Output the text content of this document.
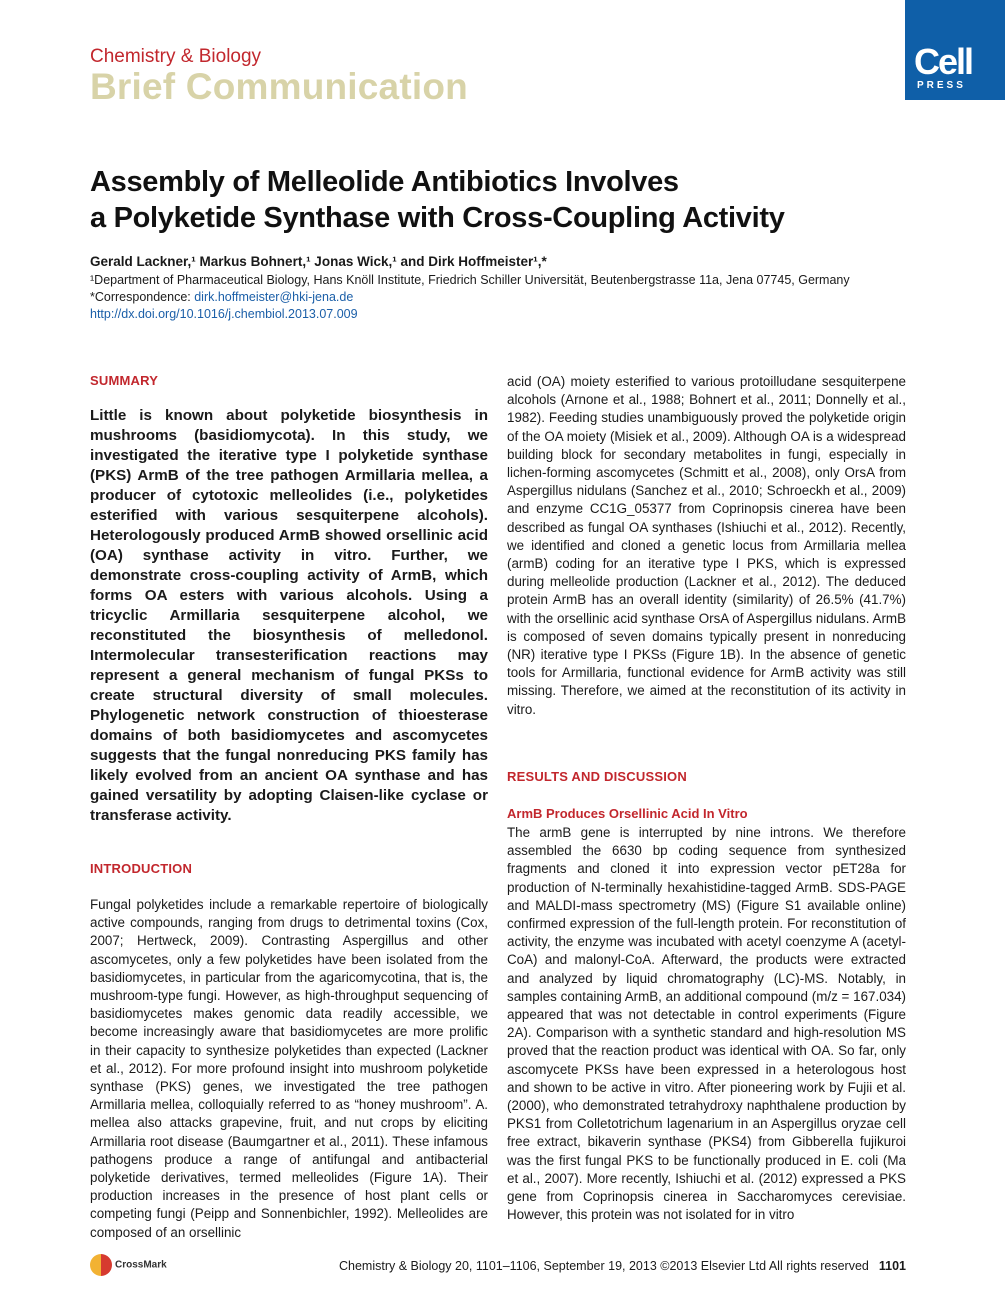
Chemistry & Biology
Brief Communication
Cell
PRESS
Assembly of Melleolide Antibiotics Involves
a Polyketide Synthase with Cross-Coupling Activity
Gerald Lackner,¹ Markus Bohnert,¹ Jonas Wick,¹ and Dirk Hoffmeister¹,*
¹Department of Pharmaceutical Biology, Hans Knöll Institute, Friedrich Schiller Universität, Beutenbergstrasse 11a, Jena 07745, Germany
*Correspondence: dirk.hoffmeister@hki-jena.de
http://dx.doi.org/10.1016/j.chembiol.2013.07.009
SUMMARY
Little is known about polyketide biosynthesis in mushrooms (basidiomycota). In this study, we investigated the iterative type I polyketide synthase (PKS) ArmB of the tree pathogen Armillaria mellea, a producer of cytotoxic melleolides (i.e., polyketides esterified with various sesquiterpene alcohols). Heterologously produced ArmB showed orsellinic acid (OA) synthase activity in vitro. Further, we demonstrate cross-coupling activity of ArmB, which forms OA esters with various alcohols. Using a tricyclic Armillaria sesquiterpene alcohol, we reconstituted the biosynthesis of melledonol. Intermolecular transesterification reactions may represent a general mechanism of fungal PKSs to create structural diversity of small molecules. Phylogenetic network construction of thioesterase domains of both basidiomycetes and ascomycetes suggests that the fungal nonreducing PKS family has likely evolved from an ancient OA synthase and has gained versatility by adopting Claisen-like cyclase or transferase activity.
INTRODUCTION
Fungal polyketides include a remarkable repertoire of biologically active compounds, ranging from drugs to detrimental toxins (Cox, 2007; Hertweck, 2009). Contrasting Aspergillus and other ascomycetes, only a few polyketides have been isolated from the basidiomycetes, in particular from the agaricomycotina, that is, the mushroom-type fungi. However, as high-throughput sequencing of basidiomycetes makes genomic data readily accessible, we become increasingly aware that basidiomycetes are more prolific in their capacity to synthesize polyketides than expected (Lackner et al., 2012). For more profound insight into mushroom polyketide synthase (PKS) genes, we investigated the tree pathogen Armillaria mellea, colloquially referred to as “honey mushroom”. A. mellea also attacks grapevine, fruit, and nut crops by eliciting Armillaria root disease (Baumgartner et al., 2011). These infamous pathogens produce a range of antifungal and antibacterial polyketide derivatives, termed melleolides (Figure 1A). Their production increases in the presence of host plant cells or competing fungi (Peipp and Sonnenbichler, 1992). Melleolides are composed of an orsellinic
acid (OA) moiety esterified to various protoilludane sesquiterpene alcohols (Arnone et al., 1988; Bohnert et al., 2011; Donnelly et al., 1982). Feeding studies unambiguously proved the polyketide origin of the OA moiety (Misiek et al., 2009). Although OA is a widespread building block for secondary metabolites in fungi, especially in lichen-forming ascomycetes (Schmitt et al., 2008), only OrsA from Aspergillus nidulans (Sanchez et al., 2010; Schroeckh et al., 2009) and enzyme CC1G_05377 from Coprinopsis cinerea have been described as fungal OA synthases (Ishiuchi et al., 2012). Recently, we identified and cloned a genetic locus from Armillaria mellea (armB) coding for an iterative type I PKS, which is expressed during melleolide production (Lackner et al., 2012). The deduced protein ArmB has an overall identity (similarity) of 26.5% (41.7%) with the orsellinic acid synthase OrsA of Aspergillus nidulans. ArmB is composed of seven domains typically present in nonreducing (NR) iterative type I PKSs (Figure 1B). In the absence of genetic tools for Armillaria, functional evidence for ArmB activity was still missing. Therefore, we aimed at the reconstitution of its activity in vitro.
RESULTS AND DISCUSSION
ArmB Produces Orsellinic Acid In Vitro
The armB gene is interrupted by nine introns. We therefore assembled the 6630 bp coding sequence from synthesized fragments and cloned it into expression vector pET28a for production of N-terminally hexahistidine-tagged ArmB. SDS-PAGE and MALDI-mass spectrometry (MS) (Figure S1 available online) confirmed expression of the full-length protein. For reconstitution of activity, the enzyme was incubated with acetyl coenzyme A (acetyl-CoA) and malonyl-CoA. Afterward, the products were extracted and analyzed by liquid chromatography (LC)-MS. Notably, in samples containing ArmB, an additional compound (m/z = 167.034) appeared that was not detectable in control experiments (Figure 2A). Comparison with a synthetic standard and high-resolution MS proved that the reaction product was identical with OA. So far, only ascomycete PKSs have been expressed in a heterologous host and shown to be active in vitro. After pioneering work by Fujii et al. (2000), who demonstrated tetrahydroxy naphthalene production by PKS1 from Colletotrichum lagenarium in an Aspergillus oryzae cell free extract, bikaverin synthase (PKS4) from Gibberella fujikuroi was the first fungal PKS to be functionally produced in E. coli (Ma et al., 2007). More recently, Ishiuchi et al. (2012) expressed a PKS gene from Coprinopsis cinerea in Saccharomyces cerevisiae. However, this protein was not isolated for in vitro
CrossMark	Chemistry & Biology 20, 1101–1106, September 19, 2013 ©2013 Elsevier Ltd All rights reserved 1101
